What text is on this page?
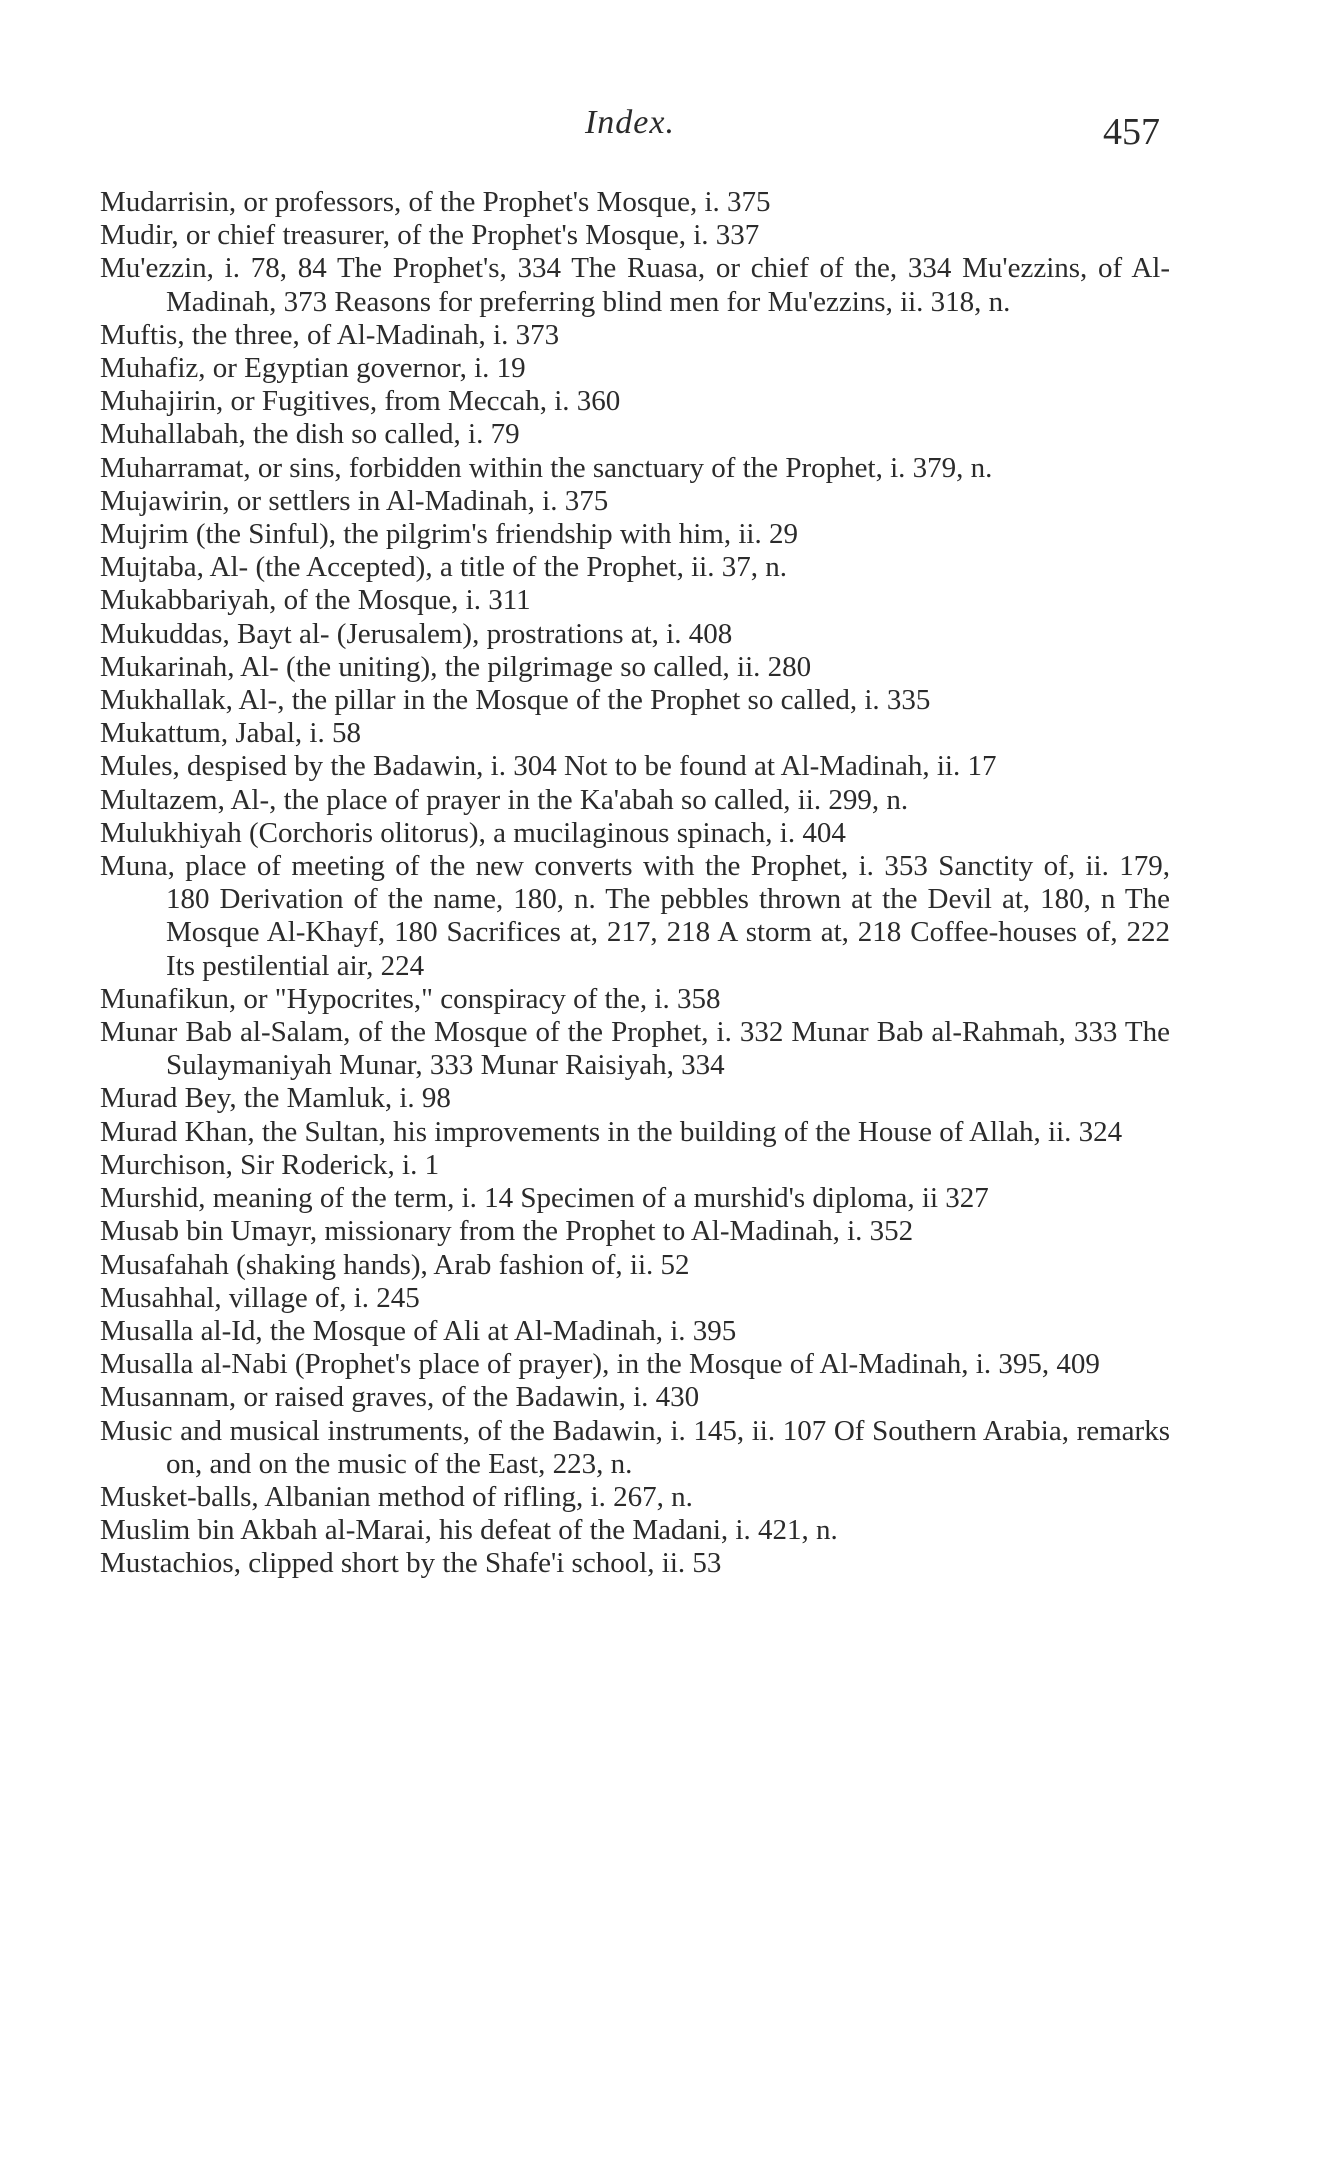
Index.	457

Mudarrisin, or professors, of the Prophet's Mosque, i. 375

Mudir, or chief treasurer, of the Prophet's Mosque, i. 337

Mu'ezzin, i. 78, 84 The Prophet's, 334 The Ruasa, or chief of the, 334 Mu'ezzins, of Al-Madinah, 373 Reasons for preferring blind men for Mu'ezzins, ii. 318, n.

Muftis, the three, of Al-Madinah, i. 373

Muhafiz, or Egyptian governor, i. 19

Muhajirin, or Fugitives, from Meccah, i. 360

Muhallabah, the dish so called, i. 79

Muharramat, or sins, forbidden within the sanctuary of the Prophet, i. 379, n.

Mujawirin, or settlers in Al-Madinah, i. 375

Mujrim (the Sinful), the pilgrim's friendship with him, ii. 29

Mujtaba, Al- (the Accepted), a title of the Prophet, ii. 37, n.

Mukabbariyah, of the Mosque, i. 311

Mukuddas, Bayt al- (Jerusalem), prostrations at, i. 408

Mukarinah, Al- (the uniting), the pilgrimage so called, ii. 280

Mukhallak, Al-, the pillar in the Mosque of the Prophet so called, i. 335

Mukattum, Jabal, i. 58

Mules, despised by the Badawin, i. 304 Not to be found at Al-Madinah, ii. 17

Multazem, Al-, the place of prayer in the Ka'abah so called, ii. 299, n.

Mulukhiyah (Corchoris olitorus), a mucilaginous spinach, i. 404

Muna, place of meeting of the new converts with the Prophet, i. 353 Sanctity of, ii. 179, 180 Derivation of the name, 180, n. The pebbles thrown at the Devil at, 180, n The Mosque Al-Khayf, 180 Sacrifices at, 217, 218 A storm at, 218 Coffee-houses of, 222 Its pestilential air, 224

Munafikun, or "Hypocrites," conspiracy of the, i. 358

Munar Bab al-Salam, of the Mosque of the Prophet, i. 332 Munar Bab al-Rahmah, 333 The Sulaymaniyah Munar, 333 Munar Raisiyah, 334

Murad Bey, the Mamluk, i. 98

Murad Khan, the Sultan, his improvements in the building of the House of Allah, ii. 324

Murchison, Sir Roderick, i. 1

Murshid, meaning of the term, i. 14 Specimen of a murshid's diploma, ii 327

Musab bin Umayr, missionary from the Prophet to Al-Madinah, i. 352

Musafahah (shaking hands), Arab fashion of, ii. 52

Musahhal, village of, i. 245

Musalla al-Id, the Mosque of Ali at Al-Madinah, i. 395

Musalla al-Nabi (Prophet's place of prayer), in the Mosque of Al-Madinah, i. 395, 409

Musannam, or raised graves, of the Badawin, i. 430

Music and musical instruments, of the Badawin, i. 145, ii. 107 Of Southern Arabia, remarks on, and on the music of the East, 223, n.

Musket-balls, Albanian method of rifling, i. 267, n.

Muslim bin Akbah al-Marai, his defeat of the Madani, i. 421, n.

Mustachios, clipped short by the Shafe'i school, ii. 53
